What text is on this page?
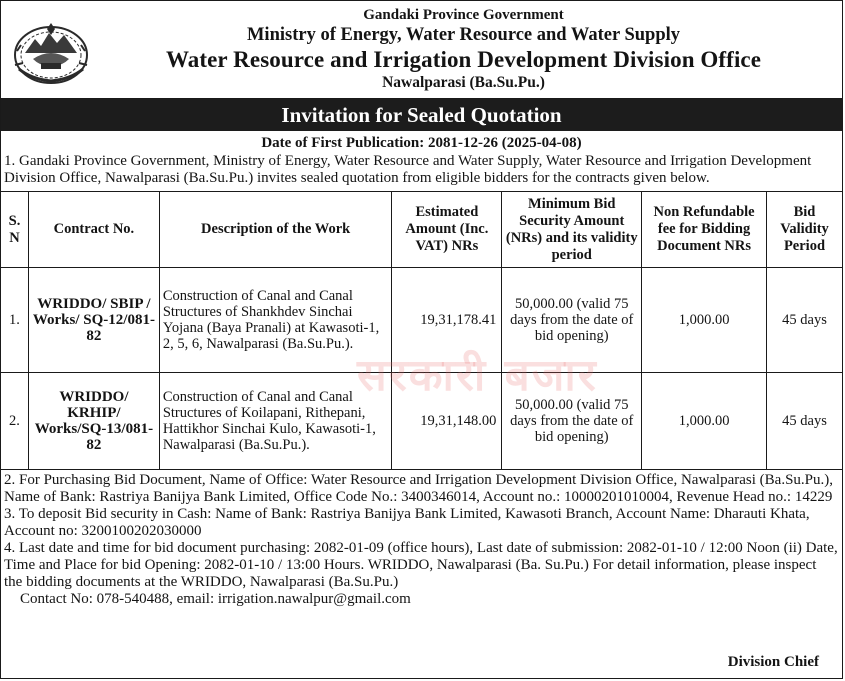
Gandaki Province Government
Ministry of Energy, Water Resource and Water Supply
Water Resource and Irrigation Development Division Office
Nawalparasi (Ba.Su.Pu.)
Invitation for Sealed Quotation
Date of First Publication: 2081-12-26 (2025-04-08)
1. Gandaki Province Government, Ministry of Energy, Water Resource and Water Supply, Water Resource and Irrigation Development Division Office, Nawalparasi (Ba.Su.Pu.) invites sealed quotation from eligible bidders for the contracts given below.
S. N	Contract No.	Description of the Work	Estimated Amount (Inc. VAT) NRs	Minimum Bid Security Amount (NRs) and its validity period	Non Refundable fee for Bidding Document NRs	Bid Validity Period
1.	WRIDDO/ SBIP / Works/ SQ-12/081-82	Construction of Canal and Canal Structures of Shankhdev Sinchai Yojana (Baya Pranali) at Kawasoti-1, 2, 5, 6, Nawalparasi (Ba.Su.Pu.).	19,31,178.41	50,000.00 (valid 75 days from the date of bid opening)	1,000.00	45 days
2.	WRIDDO/ KRHIP/ Works/SQ-13/081-82	Construction of Canal and Canal Structures of Koilapani, Rithepani, Hattikhor Sinchai Kulo, Kawasoti-1, Nawalparasi (Ba.Su.Pu.).	19,31,148.00	50,000.00 (valid 75 days from the date of bid opening)	1,000.00	45 days
सरकारी बजार

2. For Purchasing Bid Document, Name of Office: Water Resource and Irrigation Development Division Office, Nawalparasi (Ba.Su.Pu.), Name of Bank: Rastriya Banijya Bank Limited, Office Code No.: 3400346014, Account no.: 10000201010004, Revenue Head no.: 14229

3. To deposit Bid security in Cash: Name of Bank: Rastriya Banijya Bank Limited, Kawasoti Branch, Account Name: Dharauti Khata, Account no: 3200100202030000

4. Last date and time for bid document purchasing: 2082-01-09 (office hours), Last date of submission: 2082-01-10 / 12:00 Noon (ii) Date, Time and Place for bid Opening: 2082-01-10 / 13:00 Hours. WRIDDO, Nawalparasi (Ba. Su.Pu.) For detail information, please inspect the bidding documents at the WRIDDO, Nawalparasi (Ba.Su.Pu.)

Contact No: 078-540488, email: irrigation.nawalpur@gmail.com

Division Chief
